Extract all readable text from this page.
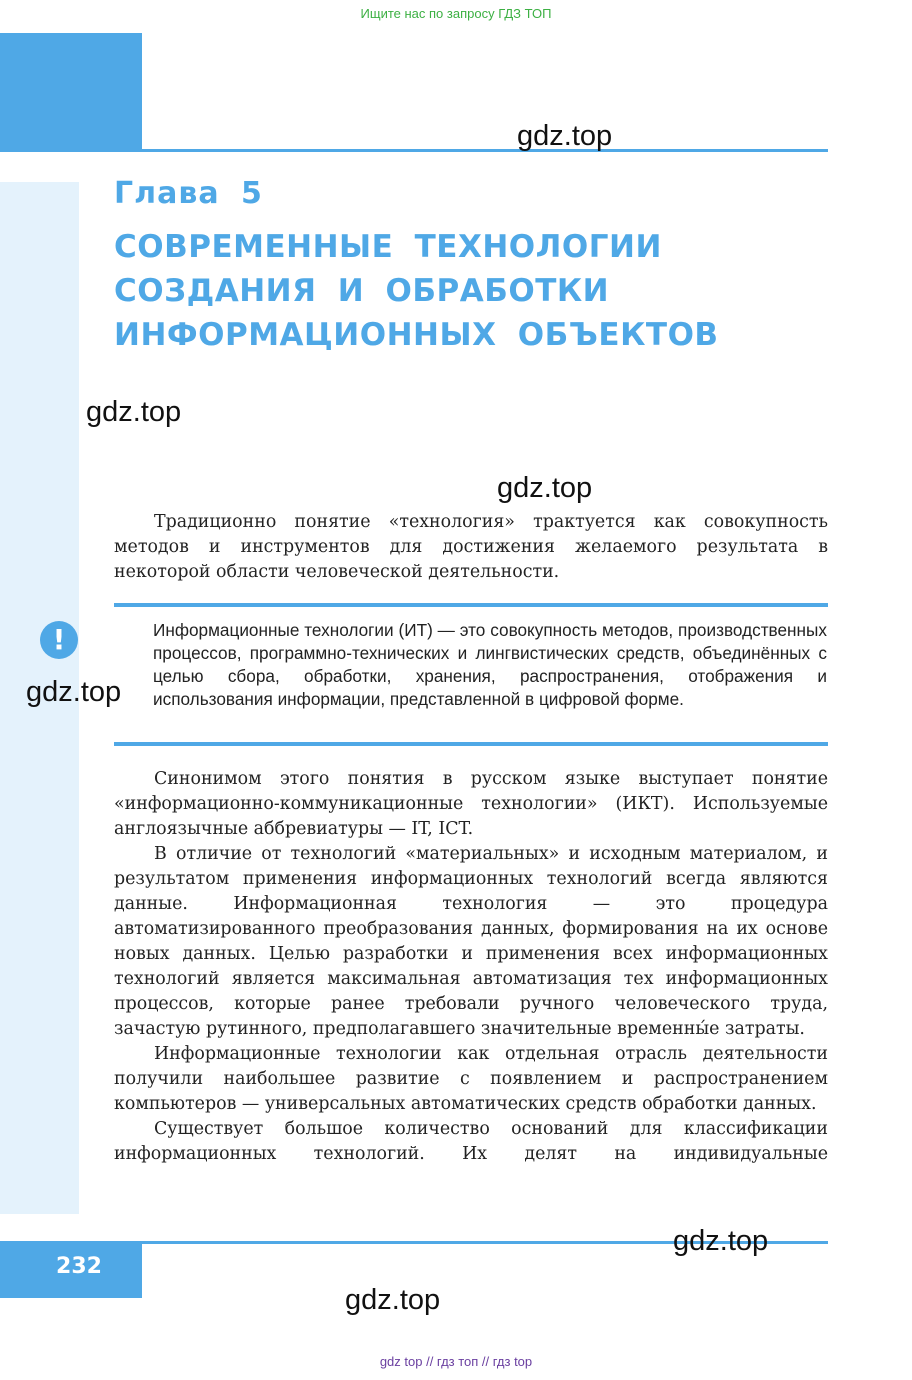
Ищите нас по запросу ГДЗ ТОП
gdz.top
Глава 5
СОВРЕМЕННЫЕ ТЕХНОЛОГИИ
СОЗДАНИЯ И ОБРАБОТКИ
ИНФОРМАЦИОННЫХ ОБЪЕКТОВ
gdz.top
gdz.top
Традиционно понятие «технология» трактуется как совокупность методов и инструментов для достижения желаемого результата в некоторой области человеческой деятельности.
!
gdz.top
Информационные технологии (ИТ) — это совокупность методов, производственных процессов, программно-технических и лингвистических средств, объединённых с целью сбора, обработки, хранения, распространения, отображения и использования информации, представленной в цифровой форме.

Синонимом этого понятия в русском языке выступает понятие «информационно-коммуникационные технологии» (ИКТ). Используемые англоязычные аббревиатуры — IT, ICT.

В отличие от технологий «материальных» и исходным материалом, и результатом применения информационных технологий всегда являются данные. Информационная технология — это процедура автоматизированного преобразования данных, формирования на их основе новых данных. Целью разработки и применения всех информационных технологий является максимальная автоматизация тех информационных процессов, которые ранее требовали ручного человеческого труда, зачастую рутинного, предполагавшего значительные временны́е затраты.

Информационные технологии как отдельная отрасль деятельности получили наибольшее развитие с появлением и распространением компьютеров — универсальных автоматических средств обработки данных.

Существует большое количество оснований для классификации информационных технологий. Их делят на индивидуальные

232
gdz.top
gdz.top
gdz top // гдз топ // гдз top
